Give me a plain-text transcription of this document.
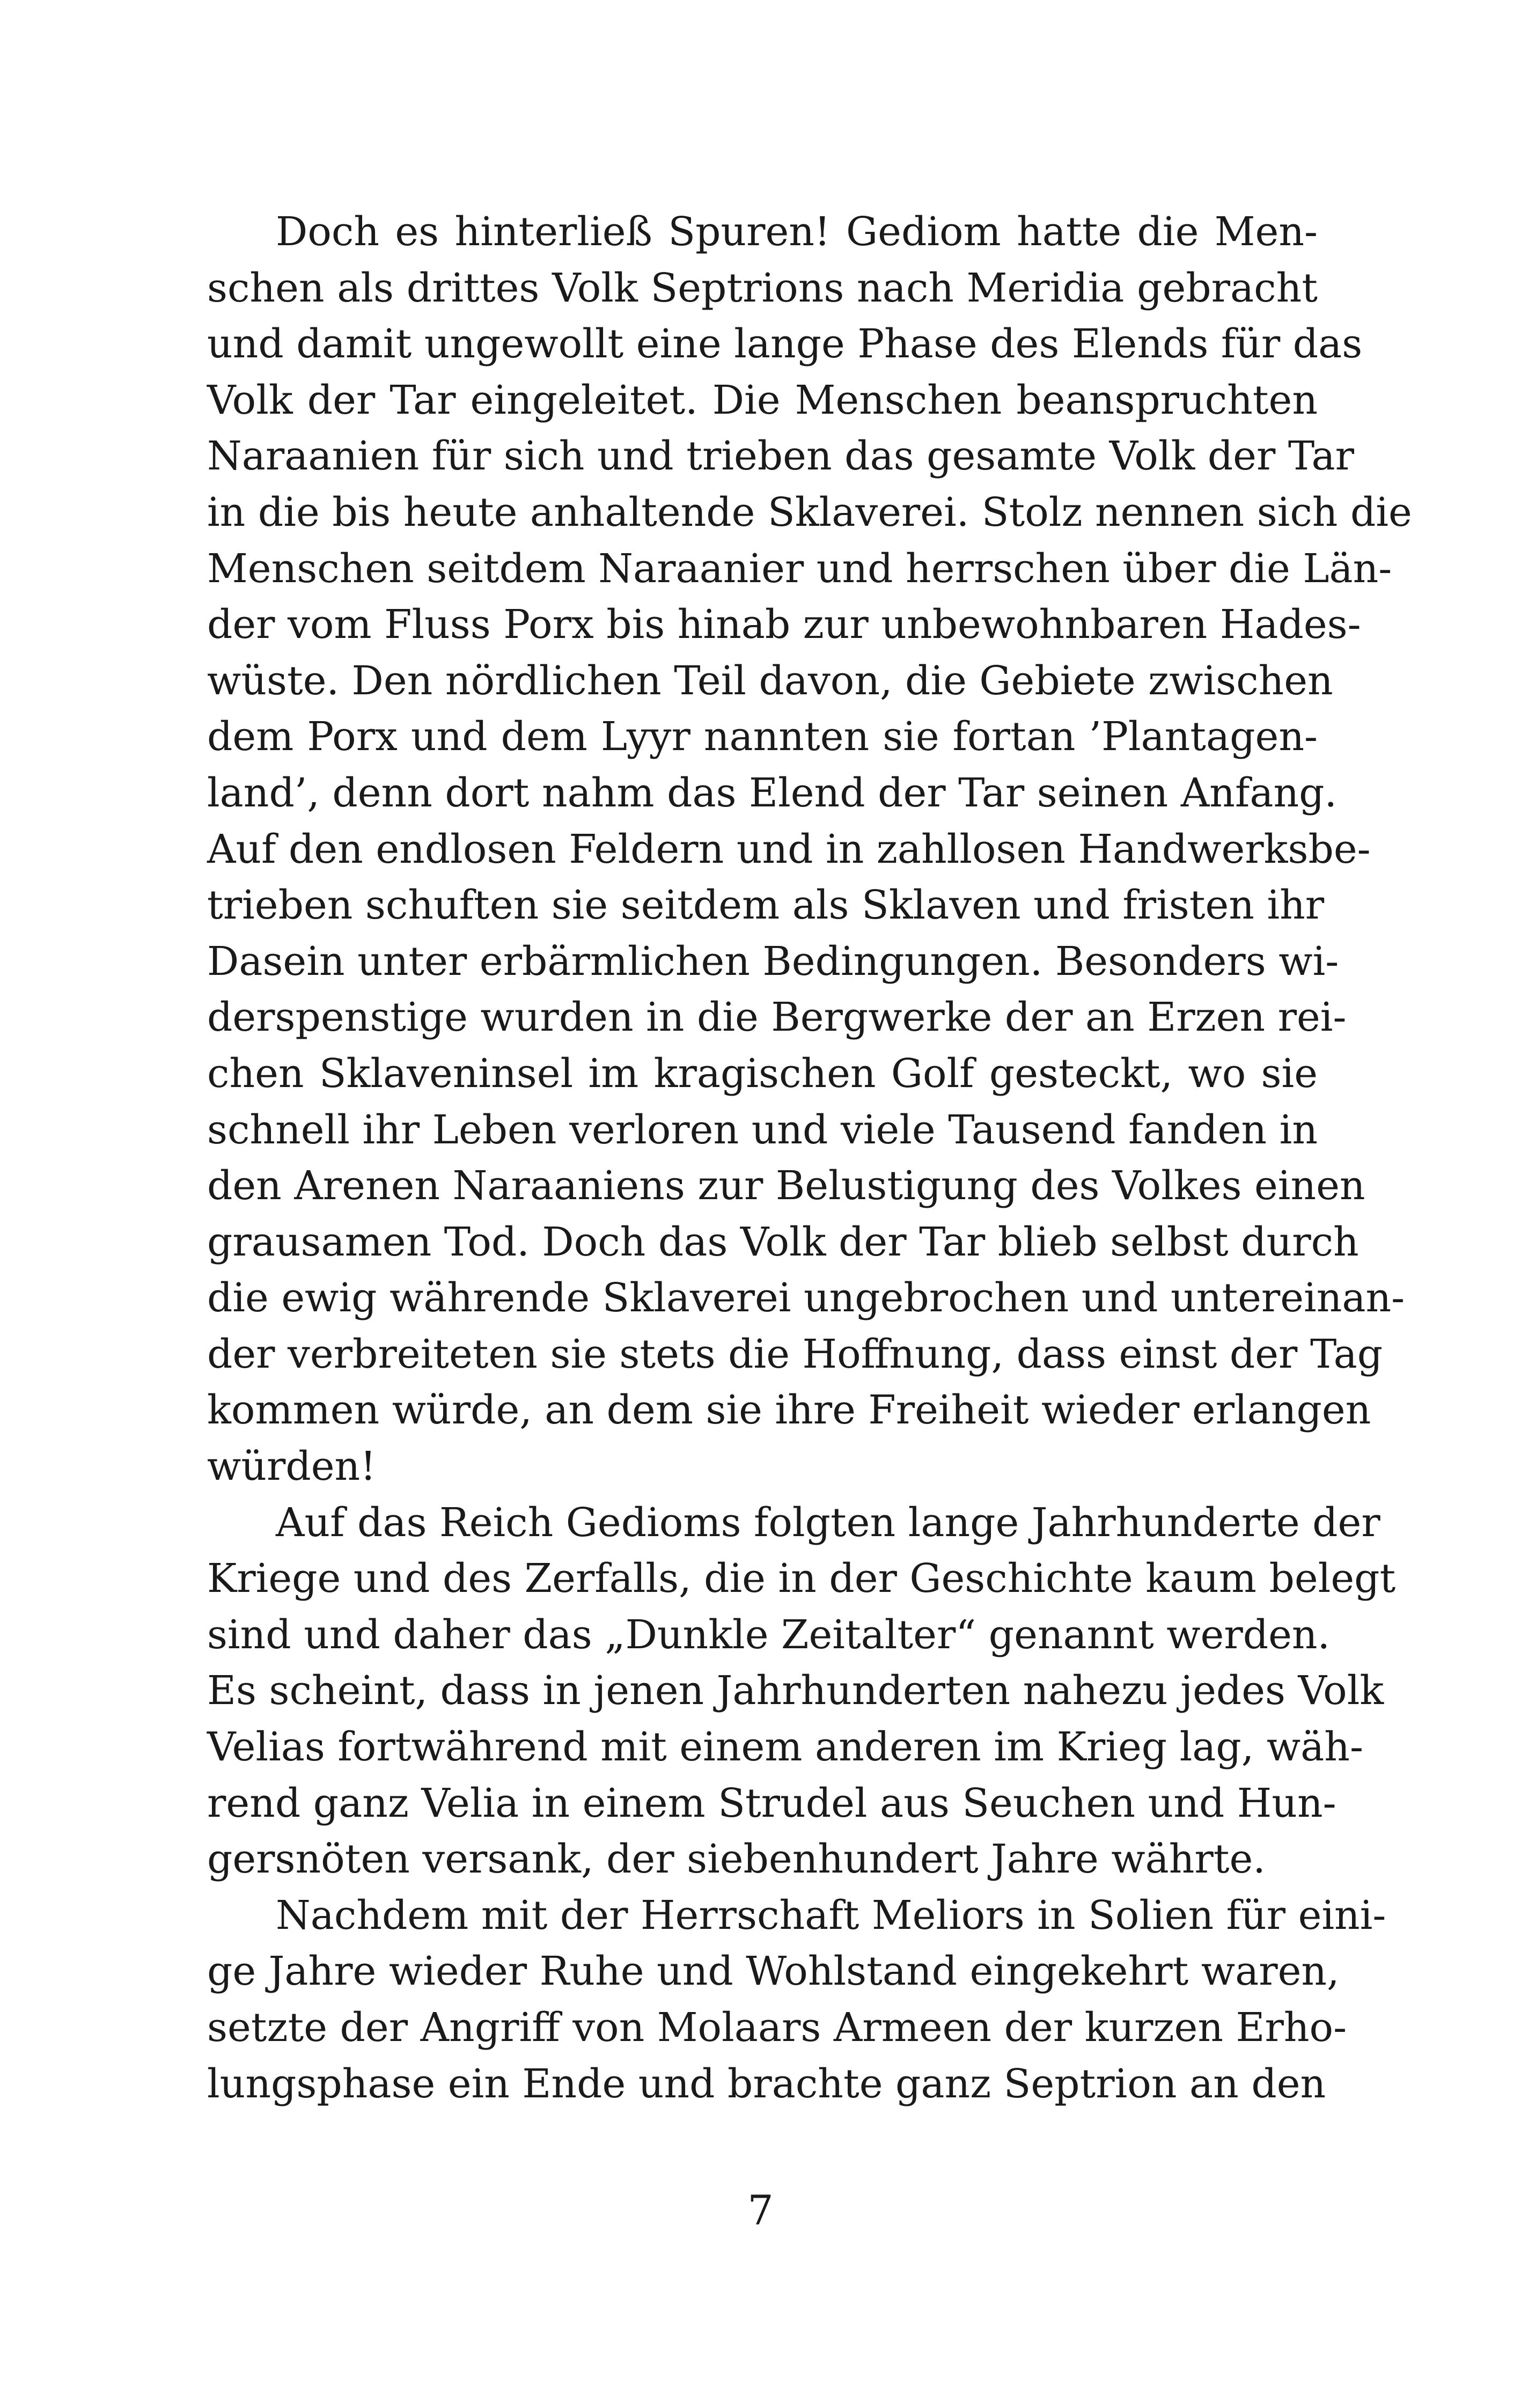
Doch es hinterließ Spuren! Gediom hatte die Men-
schen als drittes Volk Septrions nach Meridia gebracht
und damit ungewollt eine lange Phase des Elends für das
Volk der Tar eingeleitet. Die Menschen beanspruchten
Naraanien für sich und trieben das gesamte Volk der Tar
in die bis heute anhaltende Sklaverei. Stolz nennen sich die
Menschen seitdem Naraanier und herrschen über die Län-
der vom Fluss Porx bis hinab zur unbewohnbaren Hades-
wüste. Den nördlichen Teil davon, die Gebiete zwischen
dem Porx und dem Lyyr nannten sie fortan ’Plantagen-
land’, denn dort nahm das Elend der Tar seinen Anfang.
Auf den endlosen Feldern und in zahllosen Handwerksbe-
trieben schuften sie seitdem als Sklaven und fristen ihr
Dasein unter erbärmlichen Bedingungen. Besonders wi-
derspenstige wurden in die Bergwerke der an Erzen rei-
chen Sklaveninsel im kragischen Golf gesteckt, wo sie
schnell ihr Leben verloren und viele Tausend fanden in
den Arenen Naraaniens zur Belustigung des Volkes einen
grausamen Tod. Doch das Volk der Tar blieb selbst durch
die ewig währende Sklaverei ungebrochen und untereinan-
der verbreiteten sie stets die Hoffnung, dass einst der Tag
kommen würde, an dem sie ihre Freiheit wieder erlangen
würden!
Auf das Reich Gedioms folgten lange Jahrhunderte der
Kriege und des Zerfalls, die in der Geschichte kaum belegt
sind und daher das „Dunkle Zeitalter“ genannt werden.
Es scheint, dass in jenen Jahrhunderten nahezu jedes Volk
Velias fortwährend mit einem anderen im Krieg lag, wäh-
rend ganz Velia in einem Strudel aus Seuchen und Hun-
gersnöten versank, der siebenhundert Jahre währte.
Nachdem mit der Herrschaft Meliors in Solien für eini-
ge Jahre wieder Ruhe und Wohlstand eingekehrt waren,
setzte der Angriff von Molaars Armeen der kurzen Erho-
lungsphase ein Ende und brachte ganz Septrion an den
7
